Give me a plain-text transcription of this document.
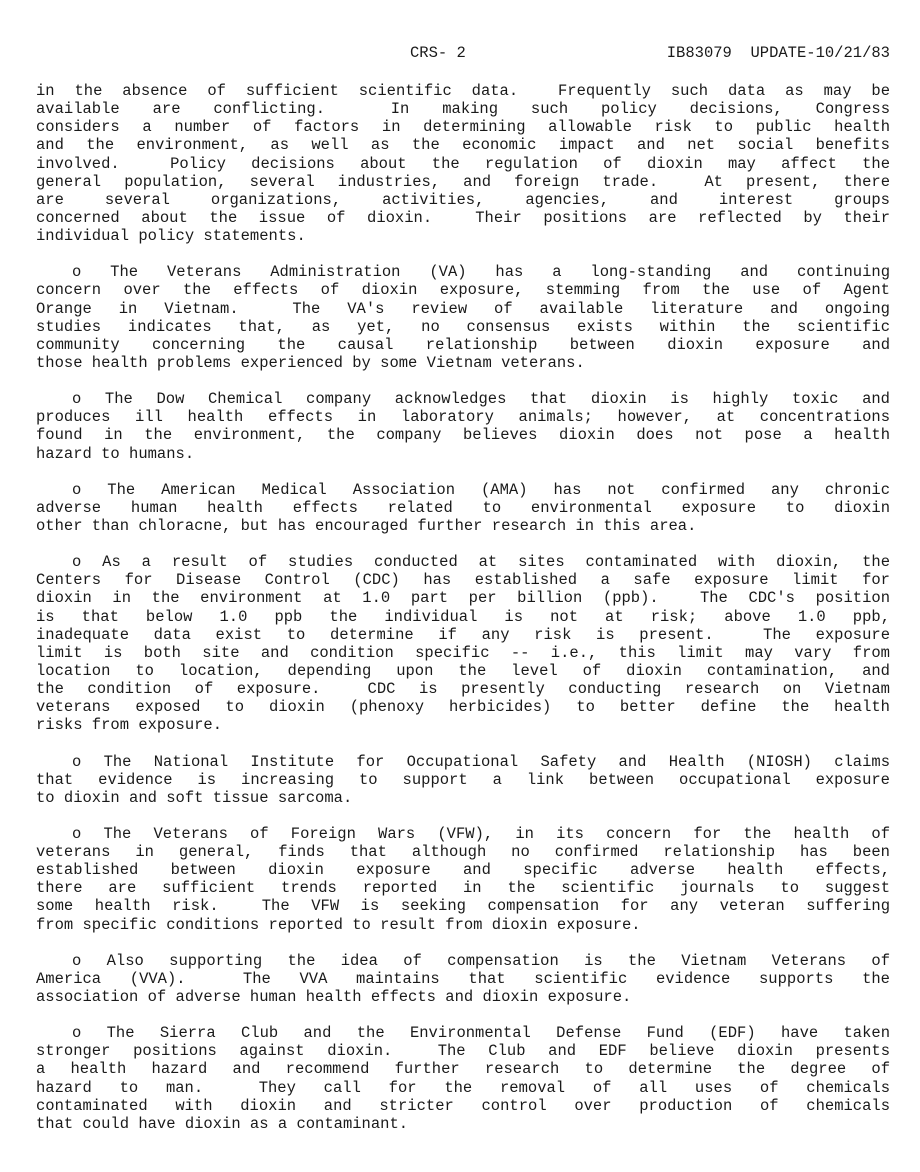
CRS- 2	IB83079  UPDATE-10/21/83
in the absence of sufficient scientific data.  Frequently such data as may be
available are conflicting.  In making such policy decisions, Congress
considers a number of factors in determining allowable risk to public health
and the environment, as well as the economic impact and net social benefits
involved.  Policy decisions about the regulation of dioxin may affect the
general population, several industries, and foreign trade.  At present, there
are several organizations, activities, agencies, and interest groups
concerned about the issue of dioxin.  Their positions are reflected by their
individual policy statements.
o The Veterans Administration (VA) has a long-standing and continuing
concern over the effects of dioxin exposure, stemming from the use of Agent
Orange in Vietnam.  The VA's review of available literature and ongoing
studies indicates that, as yet, no consensus exists within the scientific
community concerning the causal relationship between dioxin exposure and
those health problems experienced by some Vietnam veterans.
o The Dow Chemical company acknowledges that dioxin is highly toxic and
produces ill health effects in laboratory animals; however, at concentrations
found in the environment, the company believes dioxin does not pose a health
hazard to humans.
o The American Medical Association (AMA) has not confirmed any chronic
adverse human health effects related to environmental exposure to dioxin
other than chloracne, but has encouraged further research in this area.
o As a result of studies conducted at sites contaminated with dioxin, the
Centers for Disease Control (CDC) has established a safe exposure limit for
dioxin in the environment at 1.0 part per billion (ppb).  The CDC's position
is that below 1.0 ppb the individual is not at risk; above 1.0 ppb,
inadequate data exist to determine if any risk is present.  The exposure
limit is both site and condition specific -- i.e., this limit may vary from
location to location, depending upon the level of dioxin contamination, and
the condition of exposure.  CDC is presently conducting research on Vietnam
veterans exposed to dioxin (phenoxy herbicides) to better define the health
risks from exposure.
o The National Institute for Occupational Safety and Health (NIOSH) claims
that evidence is increasing to support a link between occupational exposure
to dioxin and soft tissue sarcoma.
o The Veterans of Foreign Wars (VFW), in its concern for the health of
veterans in general, finds that although no confirmed relationship has been
established between dioxin exposure and specific adverse health effects,
there are sufficient trends reported in the scientific journals to suggest
some health risk.  The VFW is seeking compensation for any veteran suffering
from specific conditions reported to result from dioxin exposure.
o Also supporting the idea of compensation is the Vietnam Veterans of
America (VVA).  The VVA maintains that scientific evidence supports the
association of adverse human health effects and dioxin exposure.
o The Sierra Club and the Environmental Defense Fund (EDF) have taken
stronger positions against dioxin.  The Club and EDF believe dioxin presents
a health hazard and recommend further research to determine the degree of
hazard to man.  They call for the removal of all uses of chemicals
contaminated with dioxin and stricter control over production of chemicals
that could have dioxin as a contaminant.
